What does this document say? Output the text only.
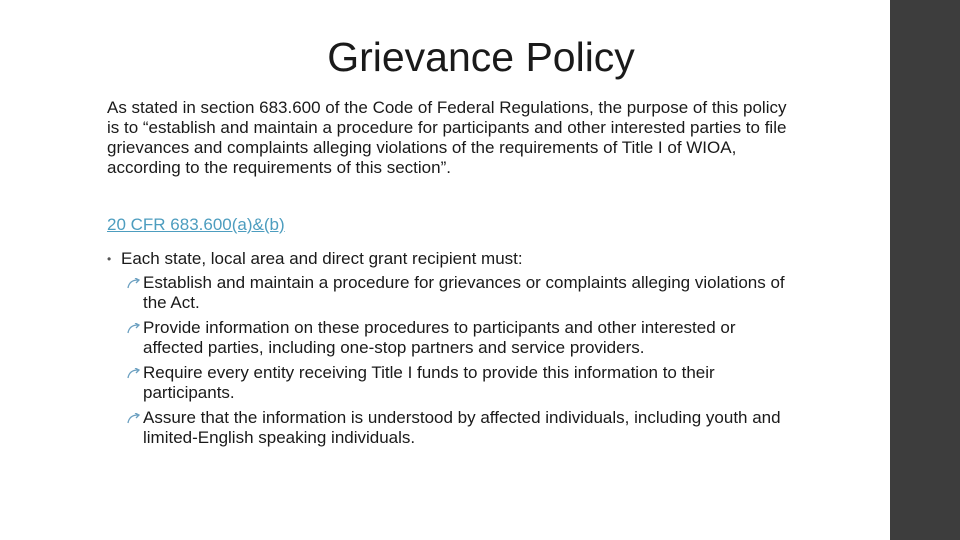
Grievance Policy

As stated in section 683.600 of the Code of Federal Regulations, the purpose of this policy is to “establish and maintain a procedure for participants and other interested parties to file grievances and complaints alleging violations of the requirements of Title I of WIOA, according to the requirements of this section”.

20 CFR 683.600(a)&(b)
• Each state, local area and direct grant recipient must:
Establish and maintain a procedure for grievances or complaints alleging violations of the Act.
Provide information on these procedures to participants and other interested or affected parties, including one-stop partners and service providers.
Require every entity receiving Title I funds to provide this information to their participants.
Assure that the information is understood by affected individuals, including youth and limited-English speaking individuals.
